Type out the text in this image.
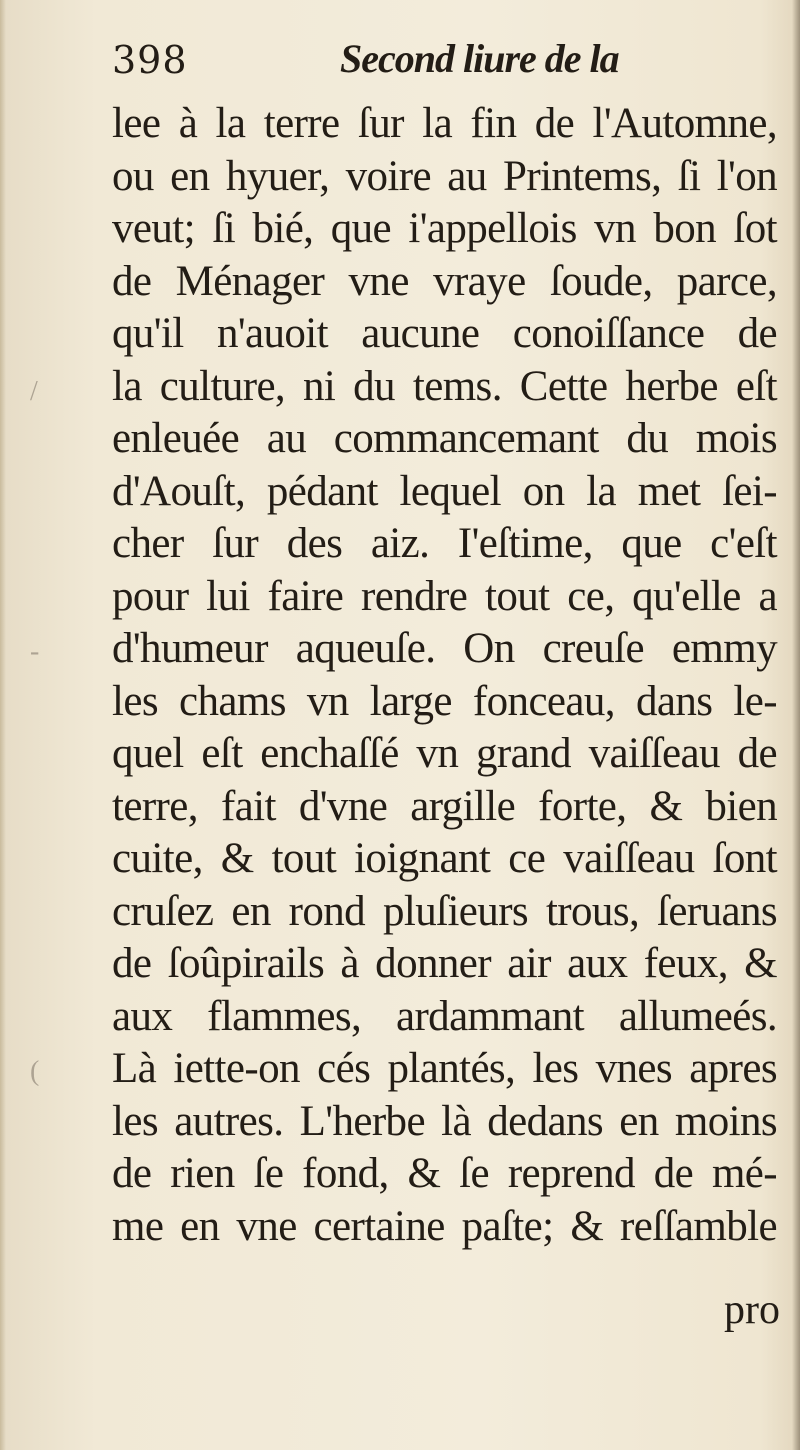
398	Second liure de la
lee à la terre ſur la fin de l'Automne,
ou en hyuer, voire au Printems, ſi l'on
veut; ſi bié, que i'appellois vn bon ſot
de Ménager vne vraye ſoude, parce,
qu'il n'auoit aucune conoiſſance de
la culture, ni du tems. Cette herbe eſt
enleuée au commancemant du mois
d'Aouſt, pédant lequel on la met ſei-
cher ſur des aiz. I'eſtime, que c'eſt
pour lui faire rendre tout ce, qu'elle a
d'humeur aqueuſe. On creuſe emmy
les chams vn large fonceau, dans le-
quel eſt enchaſſé vn grand vaiſſeau de
terre, fait d'vne argille forte, & bien
cuite, & tout ioignant ce vaiſſeau ſont
cruſez en rond pluſieurs trous, ſeruans
de ſoûpirails à donner air aux feux, &
aux flammes, ardammant allumeés.
Là iette-on cés plantés, les vnes apres
les autres. L'herbe là dedans en moins
de rien ſe fond, & ſe reprend de mé-
me en vne certaine paſte; & reſſamble
pro
/
-
(
